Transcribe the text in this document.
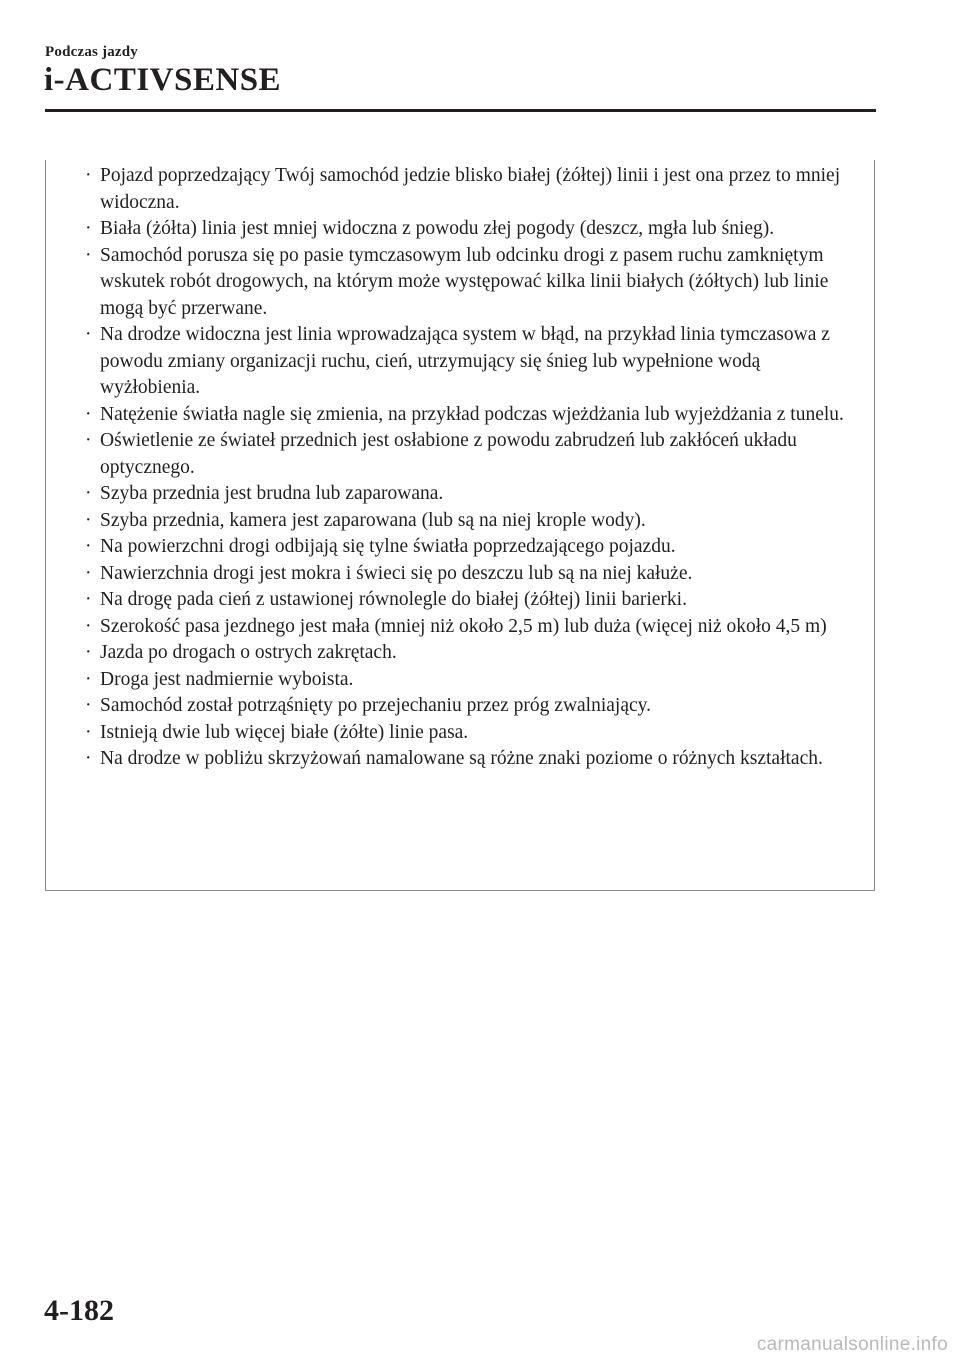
Podczas jazdy
i-ACTIVSENSE
· Pojazd poprzedzający Twój samochód jedzie blisko białej (żółtej) linii i jest ona przez to mniej widoczna.
· Biała (żółta) linia jest mniej widoczna z powodu złej pogody (deszcz, mgła lub śnieg).
· Samochód porusza się po pasie tymczasowym lub odcinku drogi z pasem ruchu zamkniętym wskutek robót drogowych, na którym może występować kilka linii białych (żółtych) lub linie mogą być przerwane.
· Na drodze widoczna jest linia wprowadzająca system w błąd, na przykład linia tymczasowa z powodu zmiany organizacji ruchu, cień, utrzymujący się śnieg lub wypełnione wodą wyżłobienia.
· Natężenie światła nagle się zmienia, na przykład podczas wjeżdżania lub wyjeżdżania z tunelu.
· Oświetlenie ze świateł przednich jest osłabione z powodu zabrudzeń lub zakłóceń układu optycznego.
· Szyba przednia jest brudna lub zaparowana.
· Szyba przednia, kamera jest zaparowana (lub są na niej krople wody).
· Na powierzchni drogi odbijają się tylne światła poprzedzającego pojazdu.
· Nawierzchnia drogi jest mokra i świeci się po deszczu lub są na niej kałuże.
· Na drogę pada cień z ustawionej równolegle do białej (żółtej) linii barierki.
· Szerokość pasa jezdnego jest mała (mniej niż około 2,5 m) lub duża (więcej niż około 4,5 m)
· Jazda po drogach o ostrych zakrętach.
· Droga jest nadmiernie wyboista.
· Samochód został potrząśnięty po przejechaniu przez próg zwalniający.
· Istnieją dwie lub więcej białe (żółte) linie pasa.
· Na drodze w pobliżu skrzyżowań namalowane są różne znaki poziome o różnych kształtach.
4-182
carmanualsonline.info
